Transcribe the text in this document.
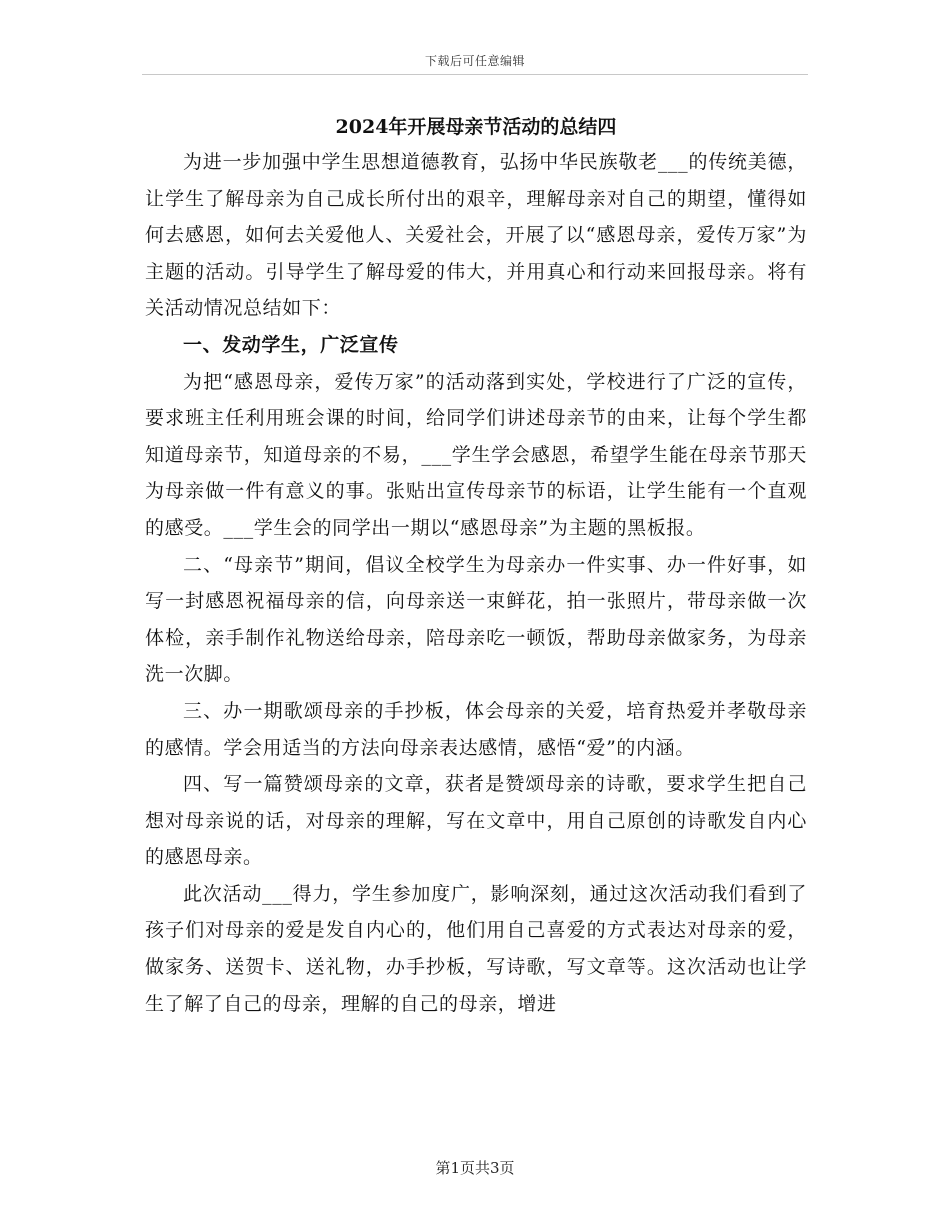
下载后可任意编辑
2024年开展母亲节活动的总结四

为进一步加强中学生思想道德教育，弘扬中华民族敬老___的传统美德，让学生了解母亲为自己成长所付出的艰辛，理解母亲对自己的期望，懂得如何去感恩，如何去关爱他人、关爱社会，开展了以“感恩母亲，爱传万家”为主题的活动。引导学生了解母爱的伟大，并用真心和行动来回报母亲。将有关活动情况总结如下：

一、发动学生，广泛宣传

为把“感恩母亲，爱传万家”的活动落到实处，学校进行了广泛的宣传，要求班主任利用班会课的时间，给同学们讲述母亲节的由来，让每个学生都知道母亲节，知道母亲的不易，___学生学会感恩，希望学生能在母亲节那天为母亲做一件有意义的事。张贴出宣传母亲节的标语，让学生能有一个直观的感受。___学生会的同学出一期以“感恩母亲”为主题的黑板报。

二、“母亲节”期间，倡议全校学生为母亲办一件实事、办一件好事，如写一封感恩祝福母亲的信，向母亲送一束鲜花，拍一张照片，带母亲做一次体检，亲手制作礼物送给母亲，陪母亲吃一顿饭，帮助母亲做家务，为母亲洗一次脚。

三、办一期歌颂母亲的手抄板，体会母亲的关爱，培育热爱并孝敬母亲的感情。学会用适当的方法向母亲表达感情，感悟“爱”的内涵。

四、写一篇赞颂母亲的文章，获者是赞颂母亲的诗歌，要求学生把自己想对母亲说的话，对母亲的理解，写在文章中，用自己原创的诗歌发自内心的感恩母亲。

此次活动___得力，学生参加度广，影响深刻，通过这次活动我们看到了孩子们对母亲的爱是发自内心的，他们用自己喜爱的方式表达对母亲的爱，做家务、送贺卡、送礼物，办手抄板，写诗歌，写文章等。这次活动也让学生了解了自己的母亲，理解的自己的母亲，增进

第1页共3页
